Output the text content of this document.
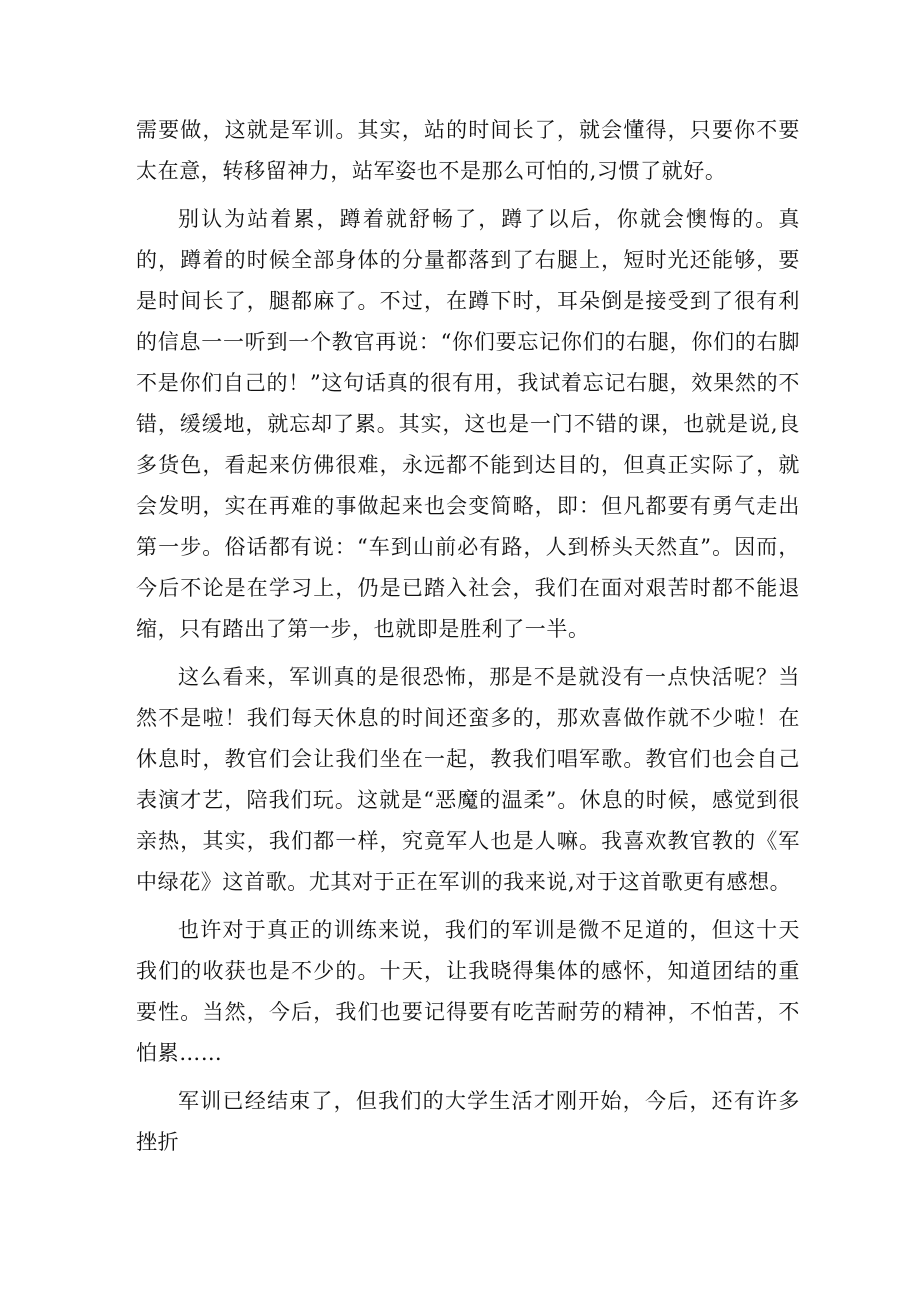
需要做，这就是军训。其实，站的时间长了，就会懂得，只要你不要太在意，转移留神力，站军姿也不是那么可怕的,习惯了就好。

别认为站着累，蹲着就舒畅了，蹲了以后，你就会懊悔的。真的，蹲着的时候全部身体的分量都落到了右腿上，短时光还能够，要是时间长了，腿都麻了。不过，在蹲下时，耳朵倒是接受到了很有利的信息一一听到一个教官再说：“你们要忘记你们的右腿，你们的右脚不是你们自己的！”这句话真的很有用，我试着忘记右腿，效果然的不错，缓缓地，就忘却了累。其实，这也是一门不错的课，也就是说,良多货色，看起来仿佛很难，永远都不能到达目的，但真正实际了，就会发明，实在再难的事做起来也会变简略，即：但凡都要有勇气走出第一步。俗话都有说：“车到山前必有路，人到桥头天然直”。因而，今后不论是在学习上，仍是已踏入社会，我们在面对艰苦时都不能退缩，只有踏出了第一步，也就即是胜利了一半。

这么看来，军训真的是很恐怖，那是不是就没有一点快活呢？当然不是啦！我们每天休息的时间还蛮多的，那欢喜做作就不少啦！在休息时，教官们会让我们坐在一起，教我们唱军歌。教官们也会自己表演才艺，陪我们玩。这就是“恶魔的温柔”。休息的时候，感觉到很亲热，其实，我们都一样，究竟军人也是人嘛。我喜欢教官教的《军中绿花》这首歌。尤其对于正在军训的我来说,对于这首歌更有感想。

也许对于真正的训练来说，我们的军训是微不足道的，但这十天我们的收获也是不少的。十天，让我晓得集体的感怀，知道团结的重要性。当然，今后，我们也要记得要有吃苦耐劳的精神，不怕苦，不怕累……

军训已经结束了，但我们的大学生活才刚开始，今后，还有许多挫折
